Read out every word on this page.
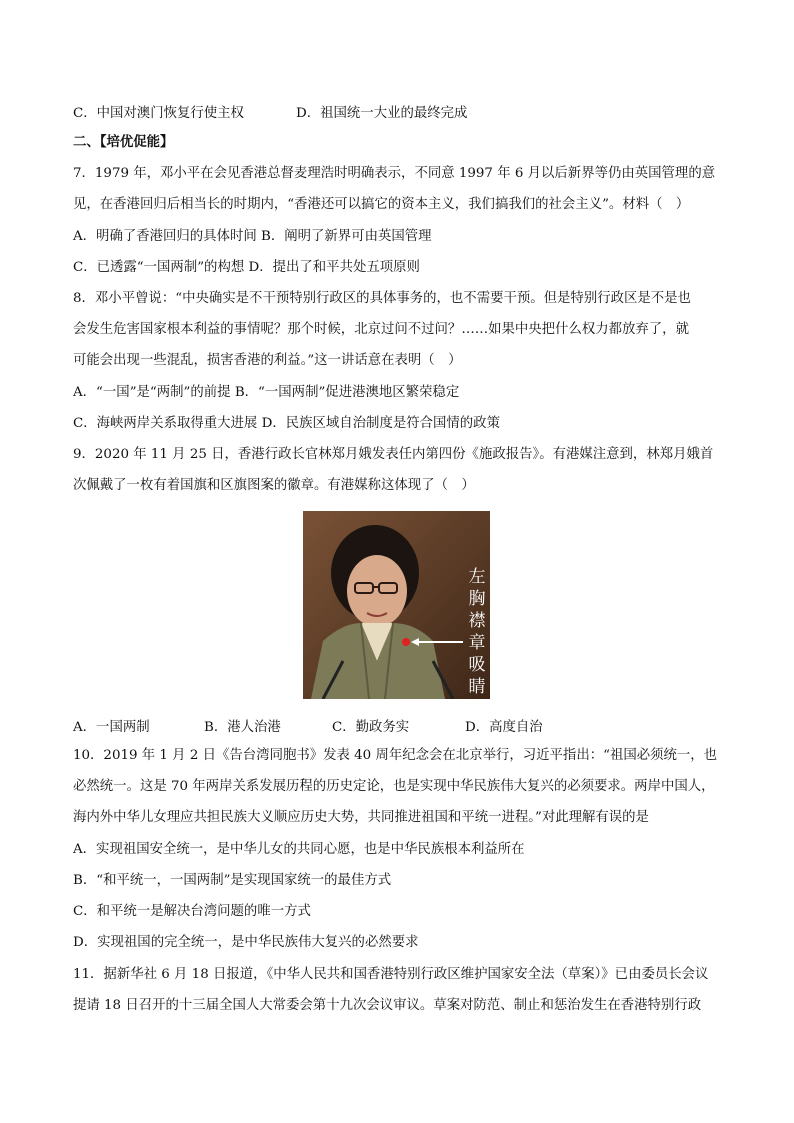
C．中国对澳门恢复行使主权	D．祖国统一大业的最终完成
二、【培优促能】
7．1979 年，邓小平在会见香港总督麦理浩时明确表示，不同意 1997 年 6 月以后新界等仍由英国管理的意
见，在香港回归后相当长的时期内，“香港还可以搞它的资本主义，我们搞我们的社会主义”。材料（　）
A．明确了香港回归的具体时间 B．阐明了新界可由英国管理
C．已透露“一国两制”的构想 D．提出了和平共处五项原则
8．邓小平曾说：“中央确实是不干预特别行政区的具体事务的，也不需要干预。但是特别行政区是不是也
会发生危害国家根本利益的事情呢？那个时候，北京过问不过问？……如果中央把什么权力都放弃了，就
可能会出现一些混乱，损害香港的利益。”这一讲话意在表明（　）
A．“一国”是“两制”的前提 B．“一国两制”促进港澳地区繁荣稳定
C．海峡两岸关系取得重大进展 D．民族区域自治制度是符合国情的政策
9．2020 年 11 月 25 日，香港行政长官林郑月娥发表任内第四份《施政报告》。有港媒注意到，林郑月娥首
次佩戴了一枚有着国旗和区旗图案的徽章。有港媒称这体现了（　）
左
胸
襟
章
吸
睛
A．一国两制	B．港人治港	C．勤政务实	D．高度自治
10．2019 年 1 月 2 日《告台湾同胞书》发表 40 周年纪念会在北京举行，习近平指出：“祖国必须统一，也
必然统一。这是 70 年两岸关系发展历程的历史定论，也是实现中华民族伟大复兴的必须要求。两岸中国人，
海内外中华儿女理应共担民族大义顺应历史大势，共同推进祖国和平统一进程。”对此理解有误的是
A．实现祖国安全统一，是中华儿女的共同心愿，也是中华民族根本利益所在
B．“和平统一，一国两制”是实现国家统一的最佳方式
C．和平统一是解决台湾问题的唯一方式
D．实现祖国的完全统一，是中华民族伟大复兴的必然要求
11．据新华社 6 月 18 日报道，《中华人民共和国香港特别行政区维护国家安全法（草案）》已由委员长会议
提请 18 日召开的十三届全国人大常委会第十九次会议审议。草案对防范、制止和惩治发生在香港特别行政
